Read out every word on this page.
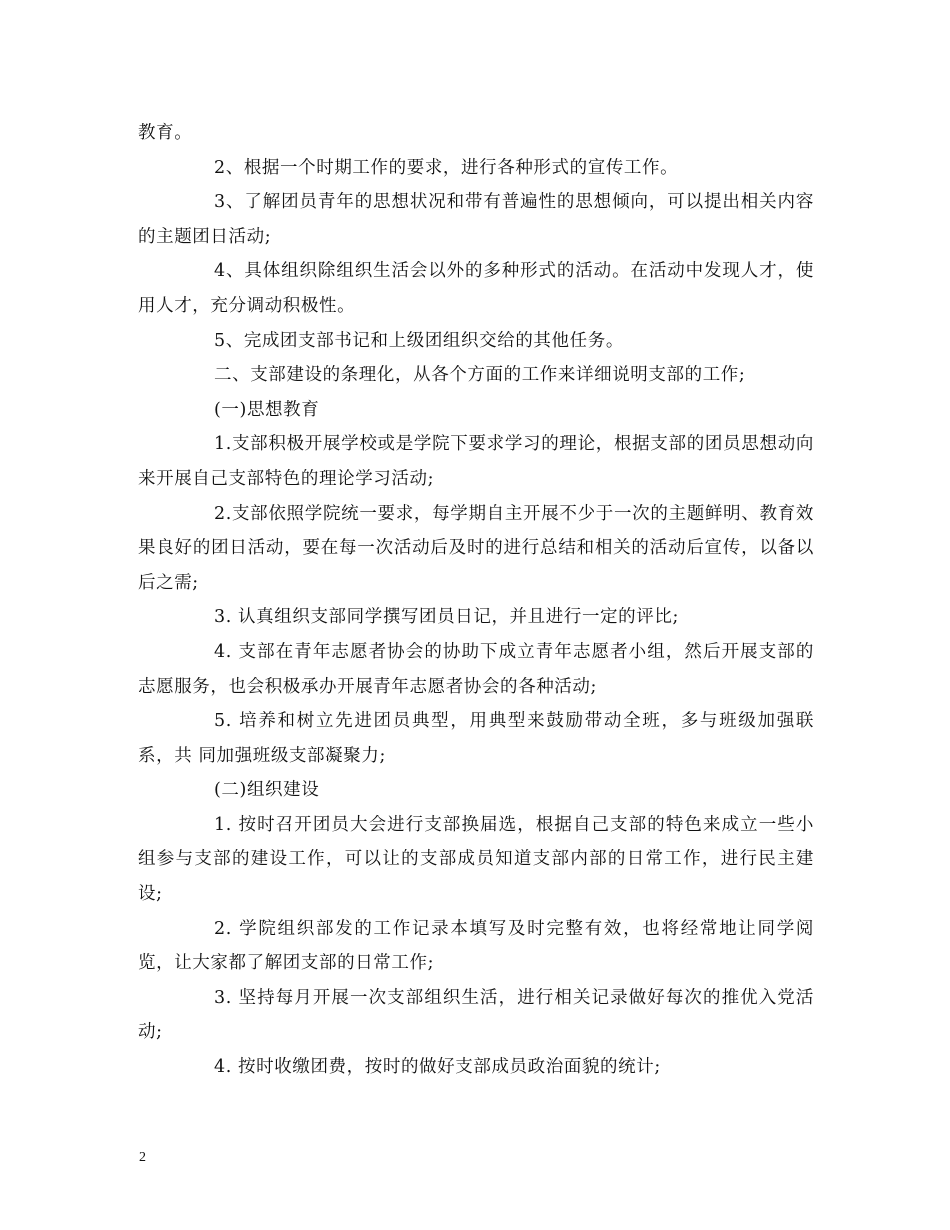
教育。

2、根据一个时期工作的要求，进行各种形式的宣传工作。

3、了解团员青年的思想状况和带有普遍性的思想倾向，可以提出相关内容的主题团日活动;

4、具体组织除组织生活会以外的多种形式的活动。在活动中发现人才，使用人才，充分调动积极性。

5、完成团支部书记和上级团组织交给的其他任务。

二、支部建设的条理化，从各个方面的工作来详细说明支部的工作;

(一)思想教育

1.支部积极开展学校或是学院下要求学习的理论，根据支部的团员思想动向来开展自己支部特色的理论学习活动;

2.支部依照学院统一要求，每学期自主开展不少于一次的主题鲜明、教育效果良好的团日活动，要在每一次活动后及时的进行总结和相关的活动后宣传，以备以后之需;

3. 认真组织支部同学撰写团员日记，并且进行一定的评比;

4. 支部在青年志愿者协会的协助下成立青年志愿者小组，然后开展支部的志愿服务，也会积极承办开展青年志愿者协会的各种活动;

5. 培养和树立先进团员典型，用典型来鼓励带动全班，多与班级加强联系，共 同加强班级支部凝聚力;

(二)组织建设

1. 按时召开团员大会进行支部换届选，根据自己支部的特色来成立一些小组参与支部的建设工作，可以让的支部成员知道支部内部的日常工作，进行民主建设;

2. 学院组织部发的工作记录本填写及时完整有效，也将经常地让同学阅览，让大家都了解团支部的日常工作;

3. 坚持每月开展一次支部组织生活，进行相关记录做好每次的推优入党活动;

4. 按时收缴团费，按时的做好支部成员政治面貌的统计;

2
